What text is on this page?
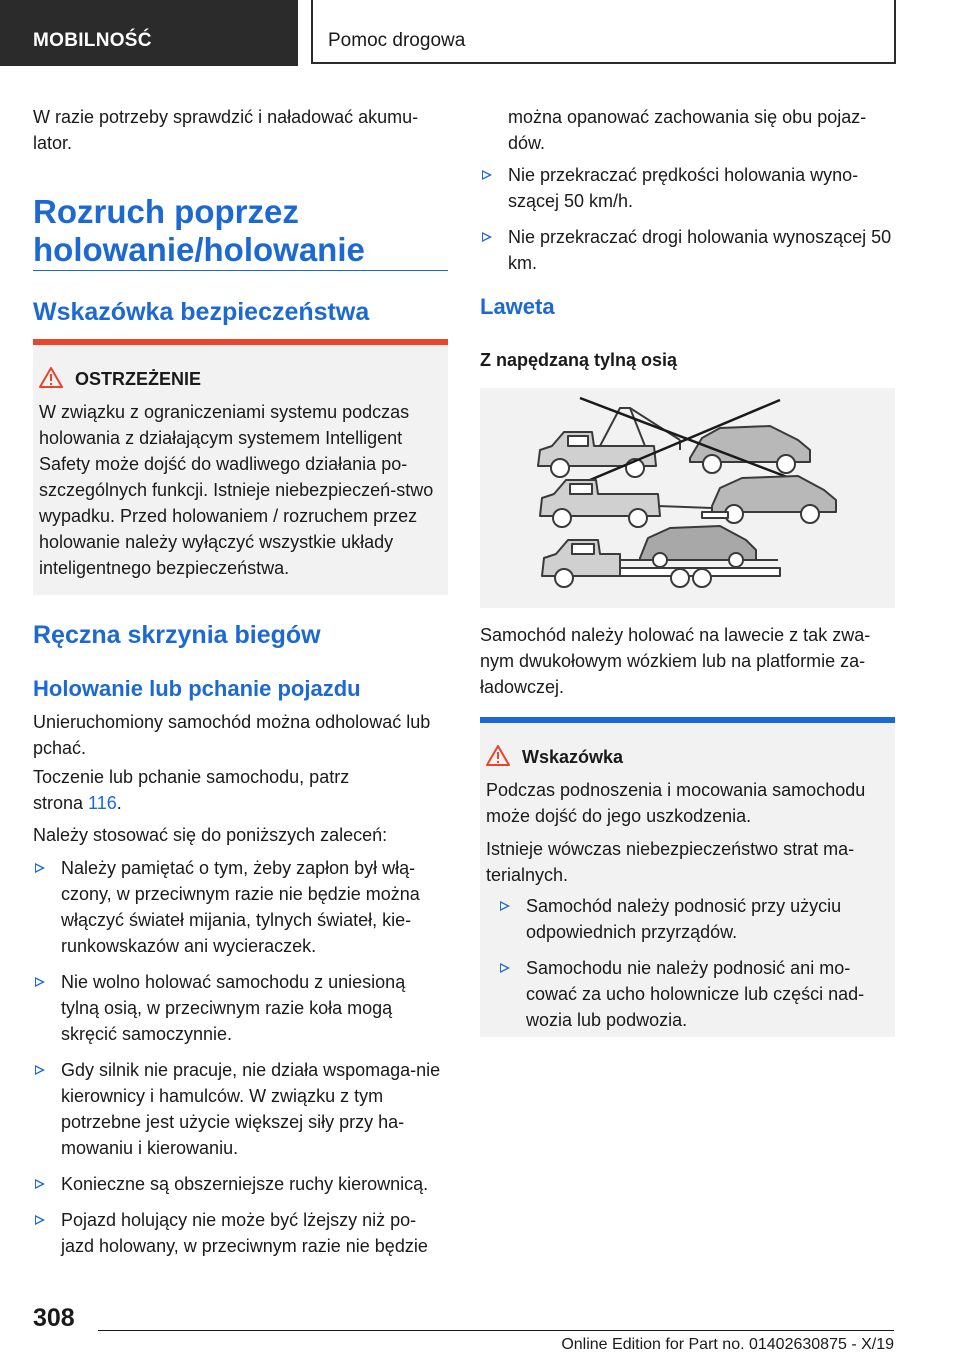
MOBILNOŚĆ	Pomoc drogowa
W razie potrzeby sprawdzić i naładować akumu-
lator.
Rozruch poprzez
holowanie/holowanie
Wskazówka bezpieczeństwa
OSTRZEŻENIE
W związku z ograniczeniami systemu podczas holowania z działającym systemem Intelligent Safety może dojść do wadliwego działania po-szczególnych funkcji. Istnieje niebezpieczeń-stwo wypadku. Przed holowaniem / rozruchem przez holowanie należy wyłączyć wszystkie układy inteligentnego bezpieczeństwa.
Ręczna skrzynia biegów
Holowanie lub pchanie pojazdu
Unieruchomiony samochód można odholować lub pchać.
Toczenie lub pchanie samochodu, patrz strona 116.
Należy stosować się do poniższych zaleceń:
Należy pamiętać o tym, żeby zapłon był włą-czony, w przeciwnym razie nie będzie można włączyć świateł mijania, tylnych świateł, kie-runkowskazów ani wycieraczek.
Nie wolno holować samochodu z uniesioną tylną osią, w przeciwnym razie koła mogą skręcić samoczynnie.
Gdy silnik nie pracuje, nie działa wspomaga-nie kierownicy i hamulców. W związku z tym potrzebne jest użycie większej siły przy ha-mowaniu i kierowaniu.
Konieczne są obszerniejsze ruchy kierownicą.
Pojazd holujący nie może być lżejszy niż po-jazd holowany, w przeciwnym razie nie będzie
można opanować zachowania się obu pojaz-dów.
Nie przekraczać prędkości holowania wyno-szącej 50 km/h.
Nie przekraczać drogi holowania wynoszącej 50 km.
Laweta
Z napędzaną tylną osią
Samochód należy holować na lawecie z tak zwa-nym dwukołowym wózkiem lub na platformie za-ładowczej.
Wskazówka
Podczas podnoszenia i mocowania samochodu może dojść do jego uszkodzenia.
Istnieje wówczas niebezpieczeństwo strat ma-terialnych.
Samochód należy podnosić przy użyciu odpowiednich przyrządów.
Samochodu nie należy podnosić ani mo-cować za ucho holownicze lub części nad-wozia lub podwozia.
308
Online Edition for Part no. 01402630875 - X/19
